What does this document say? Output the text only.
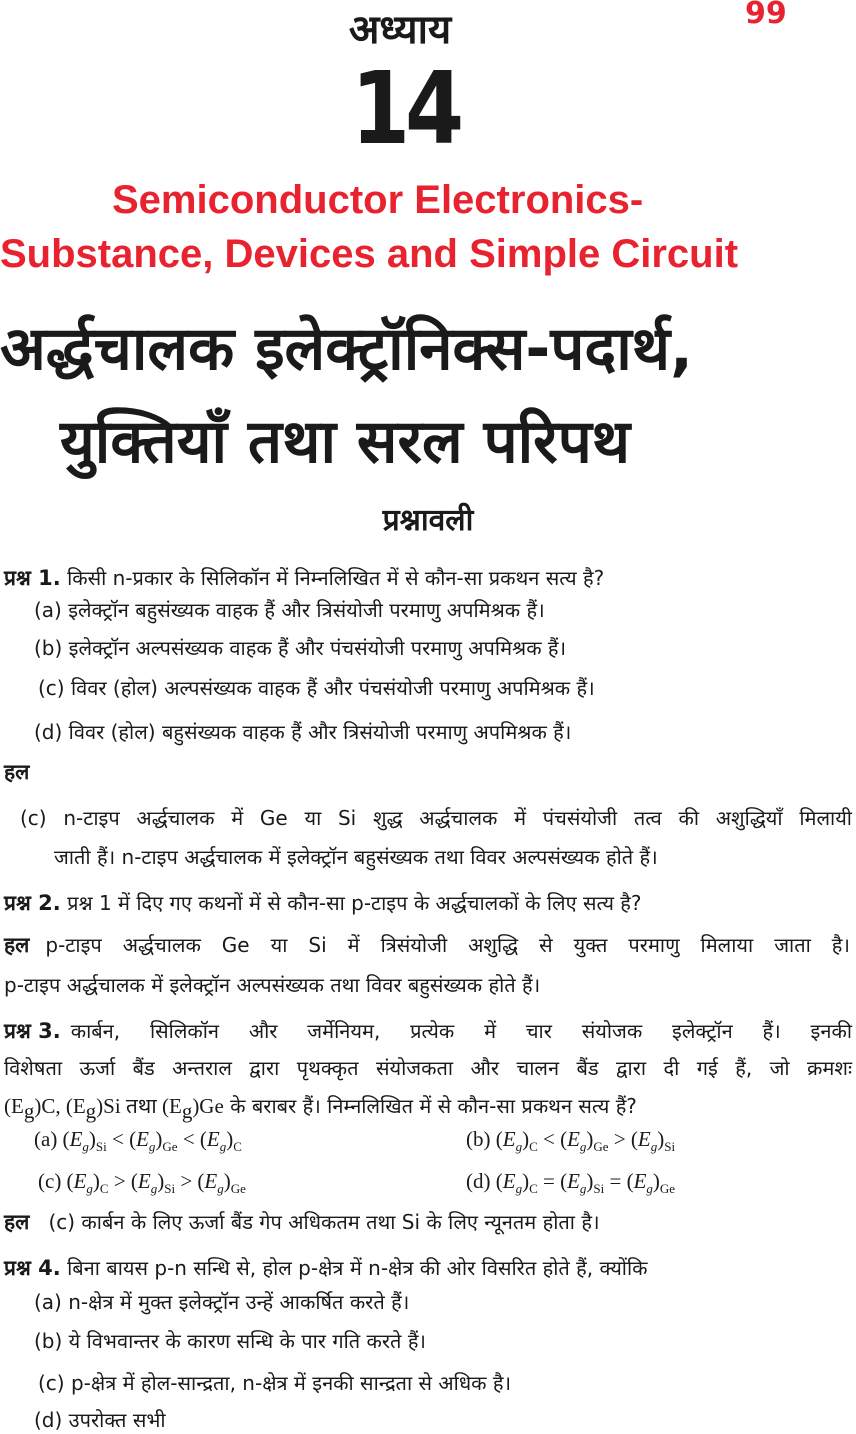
अध्याय	99
14
Semiconductor Electronics-
Substance, Devices and Simple Circuit
अर्द्धचालक इलेक्ट्रॉनिक्स-पदार्थ,
युक्तियाँ तथा सरल परिपथ
प्रश्नावली
प्रश्न 1. किसी n-प्रकार के सिलिकॉन में निम्नलिखित में से कौन-सा प्रकथन सत्य है?
(a) इलेक्ट्रॉन बहुसंख्यक वाहक हैं और त्रिसंयोजी परमाणु अपमिश्रक हैं।
(b) इलेक्ट्रॉन अल्पसंख्यक वाहक हैं और पंचसंयोजी परमाणु अपमिश्रक हैं।
(c) विवर (होल) अल्पसंख्यक वाहक हैं और पंचसंयोजी परमाणु अपमिश्रक हैं।
(d) विवर (होल) बहुसंख्यक वाहक हैं और त्रिसंयोजी परमाणु अपमिश्रक हैं।
हल
(c) n-टाइप अर्द्धचालक में Ge या Si शुद्ध अर्द्धचालक में पंचसंयोजी तत्व की अशुद्धियाँ मिलायी
जाती हैं। n-टाइप अर्द्धचालक में इलेक्ट्रॉन बहुसंख्यक तथा विवर अल्पसंख्यक होते हैं।
प्रश्न 2. प्रश्न 1 में दिए गए कथनों में से कौन-सा p-टाइप के अर्द्धचालकों के लिए सत्य है?
हल p-टाइप अर्द्धचालक Ge या Si में त्रिसंयोजी अशुद्धि से युक्त परमाणु मिलाया जाता है।
p-टाइप अर्द्धचालक में इलेक्ट्रॉन अल्पसंख्यक तथा विवर बहुसंख्यक होते हैं।
प्रश्न 3. कार्बन, सिलिकॉन और जर्मेनियम, प्रत्येक में चार संयोजक इलेक्ट्रॉन हैं। इनकी
विशेषता ऊर्जा बैंड अन्तराल द्वारा पृथक्कृत संयोजकता और चालन बैंड द्वारा दी गई हैं, जो क्रमशः
$(E_g)C$, $(E_g)Si$ तथा $(E_g)Ge$ के बराबर हैं। निम्नलिखित में से कौन-सा प्रकथन सत्य हैं?
(a) $(E_g)_{Si} < (E_g)_{Ge} < (E_g)_C$	(b) $(E_g)_C < (E_g)_{Ge} > (E_g)_{Si}$
(c) $(E_g)_C > (E_g)_{Si} > (E_g)_{Ge}$	(d) $(E_g)_C = (E_g)_{Si} = (E_g)_{Ge}$
हल (c) कार्बन के लिए ऊर्जा बैंड गेप अधिकतम तथा Si के लिए न्यूनतम होता है।
प्रश्न 4. बिना बायस p-n सन्धि से, होल p-क्षेत्र में n-क्षेत्र की ओर विसरित होते हैं, क्योंकि
(a) n-क्षेत्र में मुक्त इलेक्ट्रॉन उन्हें आकर्षित करते हैं।
(b) ये विभवान्तर के कारण सन्धि के पार गति करते हैं।
(c) p-क्षेत्र में होल-सान्द्रता, n-क्षेत्र में इनकी सान्द्रता से अधिक है।
(d) उपरोक्त सभी
